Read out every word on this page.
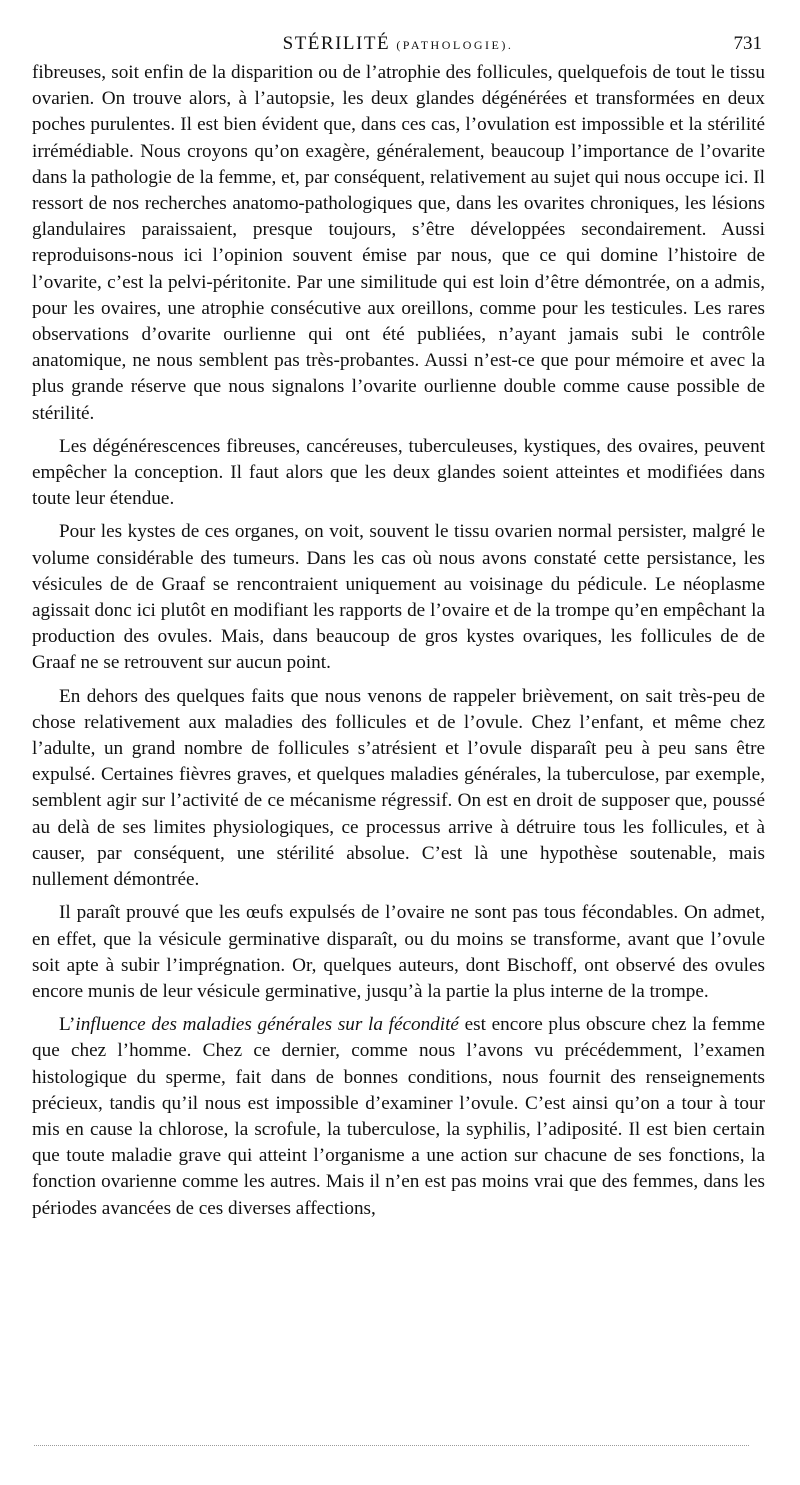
STÉRILITÉ (PATHOLOGIE).	731

fibreuses, soit enfin de la disparition ou de l’atrophie des follicules, quelquefois de tout le tissu ovarien. On trouve alors, à l’autopsie, les deux glandes dégénérées et transformées en deux poches purulentes. Il est bien évident que, dans ces cas, l’ovulation est impossible et la stérilité irrémédiable. Nous croyons qu’on exagère, généralement, beaucoup l’importance de l’ovarite dans la pathologie de la femme, et, par conséquent, relativement au sujet qui nous occupe ici. Il ressort de nos recherches anatomo-pathologiques que, dans les ovarites chroniques, les lésions glandulaires paraissaient, presque toujours, s’être développées secondairement. Aussi reproduisons-nous ici l’opinion souvent émise par nous, que ce qui domine l’histoire de l’ovarite, c’est la pelvi-péritonite. Par une similitude qui est loin d’être démontrée, on a admis, pour les ovaires, une atrophie consécutive aux oreillons, comme pour les testicules. Les rares observations d’ovarite ourlienne qui ont été publiées, n’ayant jamais subi le contrôle anatomique, ne nous semblent pas très-probantes. Aussi n’est-ce que pour mémoire et avec la plus grande réserve que nous signalons l’ovarite ourlienne double comme cause possible de stérilité.

Les dégénérescences fibreuses, cancéreuses, tuberculeuses, kystiques, des ovaires, peuvent empêcher la conception. Il faut alors que les deux glandes soient atteintes et modifiées dans toute leur étendue.

Pour les kystes de ces organes, on voit, souvent le tissu ovarien normal persister, malgré le volume considérable des tumeurs. Dans les cas où nous avons constaté cette persistance, les vésicules de de Graaf se rencontraient uniquement au voisinage du pédicule. Le néoplasme agissait donc ici plutôt en modifiant les rapports de l’ovaire et de la trompe qu’en empêchant la production des ovules. Mais, dans beaucoup de gros kystes ovariques, les follicules de de Graaf ne se retrouvent sur aucun point.

En dehors des quelques faits que nous venons de rappeler brièvement, on sait très-peu de chose relativement aux maladies des follicules et de l’ovule. Chez l’enfant, et même chez l’adulte, un grand nombre de follicules s’atrésient et l’ovule disparaît peu à peu sans être expulsé. Certaines fièvres graves, et quelques maladies générales, la tuberculose, par exemple, semblent agir sur l’activité de ce mécanisme régressif. On est en droit de supposer que, poussé au delà de ses limites physiologiques, ce processus arrive à détruire tous les follicules, et à causer, par conséquent, une stérilité absolue. C’est là une hypothèse soutenable, mais nullement démontrée.

Il paraît prouvé que les œufs expulsés de l’ovaire ne sont pas tous fécondables. On admet, en effet, que la vésicule germinative disparaît, ou du moins se transforme, avant que l’ovule soit apte à subir l’imprégnation. Or, quelques auteurs, dont Bischoff, ont observé des ovules encore munis de leur vésicule germinative, jusqu’à la partie la plus interne de la trompe.

L’influence des maladies générales sur la fécondité est encore plus obscure chez la femme que chez l’homme. Chez ce dernier, comme nous l’avons vu précédemment, l’examen histologique du sperme, fait dans de bonnes conditions, nous fournit des renseignements précieux, tandis qu’il nous est impossible d’examiner l’ovule. C’est ainsi qu’on a tour à tour mis en cause la chlorose, la scrofule, la tuberculose, la syphilis, l’adiposité. Il est bien certain que toute maladie grave qui atteint l’organisme a une action sur chacune de ses fonctions, la fonction ovarienne comme les autres. Mais il n’en est pas moins vrai que des femmes, dans les périodes avancées de ces diverses affections,
